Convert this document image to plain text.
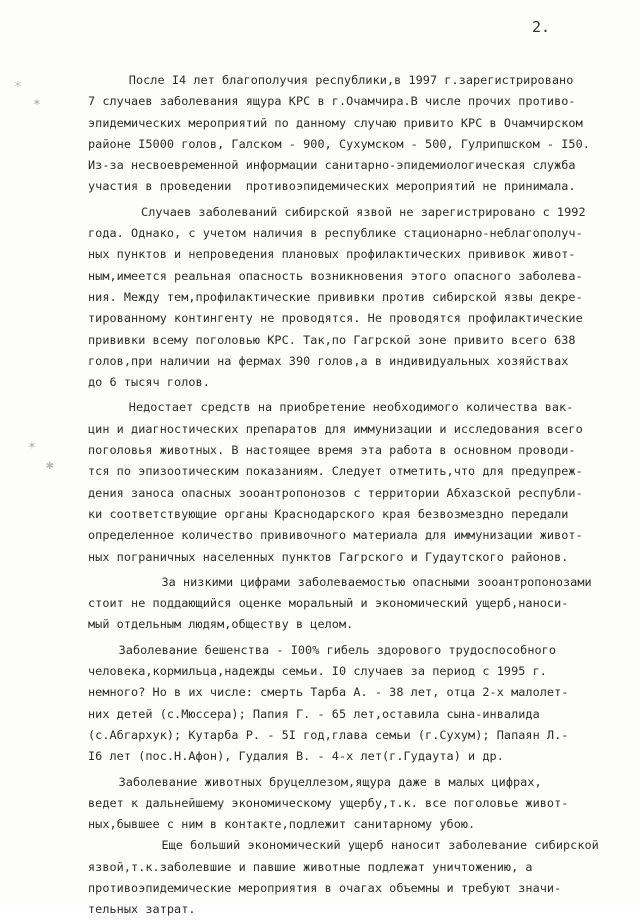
2.
*
✶
✶
✱
После I4 лет благополучия республики,в 1997 г.зарегистрировано
7 случаев заболевания ящура КРС в г.Очамчира.В числе прочих противо-
эпидемических мероприятий по данному случаю привито КРС в Очамчирском
районе I5000 голов, Галском - 900, Сухумском - 500, Гулрипшском - I50.
Из-за несвоевременной информации санитарно-эпидемиологическая служба
участия в проведении  противоэпидемических мероприятий не принимала.
Случаев заболеваний сибирской язвой не зарегистрировано с 1992
года. Однако, с учетом наличия в республике стационарно-неблагополуч-
ных пунктов и непроведения плановых профилактических прививок живот-
ным,имеется реальная опасность возникновения этого опасного заболева-
ния. Между тем,профилактические прививки против сибирской язвы декре-
тированному контингенту не проводятся. Не проводятся профилактические
прививки всему поголовью КРС. Так,по Гагрской зоне привито всего 638
голов,при наличии на фермах 390 голов,а в индивидуальных хозяйствах
до 6 тысяч голов.
Недостает средств на приобретение необходимого количества вак-
цин и диагностических препаратов для иммунизации и исследования всего
поголовья животных. В настоящее время эта работа в основном проводи-
тся по эпизоотическим показаниям. Следует отметить,что для предупреж-
дения заноса опасных зооантропонозов с территории Абхазской республи-
ки соответствующие органы Краснодарского края безвозмездно передали
определенное количество прививочного материала для иммунизации живот-
ных пограничных населенных пунктов Гагрского и Гудаутского районов.
За низкими цифрами заболеваемостью опасными зооантропонозами
стоит не поддающийся оценке моральный и экономический ущерб,наноси-
мый отдельным людям,обществу в целом.
Заболевание бешенства - I00% гибель здорового трудоспособного
человека,кормильца,надежды семьи. I0 случаев за период с 1995 г.
немного? Но в их числе: смерть Тарба А. - 38 лет, отца 2-х малолет-
них детей (с.Мюссера); Папия Г. - 65 лет,оставила сына-инвалида
(с.Абгархук); Кутарба Р. - 5I год,глава семьи (г.Сухум); Папаян Л.-
I6 лет (пос.Н.Афон), Гудалия В. - 4-х лет(г.Гудаута) и др.
Заболевание животных бруцеллезом,ящура даже в малых цифрах,
ведет к дальнейшему экономическому ущербу,т.к. все поголовье живот-
ных,бывшее с ним в контакте,подлежит санитарному убою.
Еще больший экономический ущерб наносит заболевание сибирской
язвой,т.к.заболевшие и павшие животные подлежат уничтожению, а
противоэпидемические мероприятия в очагах объемны и требуют значи-
тельных затрат.
